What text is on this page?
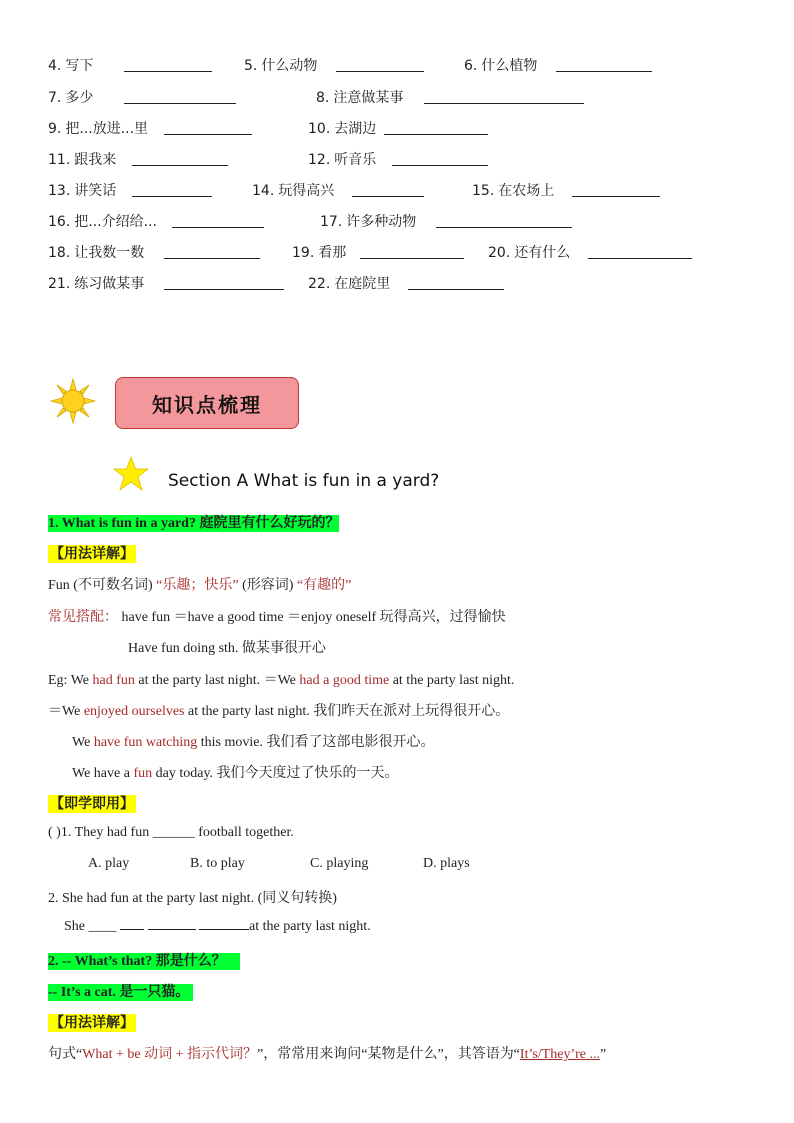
4. 写下	5. 什么动物	6. 什么植物
7. 多少	8. 注意做某事
9. 把...放进...里	10. 去湖边
11. 跟我来	12. 听音乐
13. 讲笑话	14. 玩得高兴	15. 在农场上
16. 把...介绍给...	17. 许多种动物
18. 让我数一数	19. 看那	20. 还有什么
21. 练习做某事	22. 在庭院里
知识点梳理
Section A What is fun in a yard?
1. What is fun in a yard? 庭院里有什么好玩的？
【用法详解】
Fun (不可数名词) “乐趣；快乐” (形容词) “有趣的”
常见搭配： have fun ＝have a good time ＝enjoy oneself 玩得高兴，过得愉快
Have fun doing sth. 做某事很开心
Eg: We had fun at the party last night. ＝We had a good time at the party last night.
＝We enjoyed ourselves at the party last night. 我们昨天在派对上玩得很开心。
We have fun watching this movie. 我们看了这部电影很开心。
We have a fun day today. 我们今天度过了快乐的一天。
【即学即用】
( )1. They had fun ______ football together.
A. play	B. to play	C. playing	D. plays
2. She had fun at the party last night. (同义句转换)
She ____	at the party last night.
2. -- What’s that? 那是什么？
-- It’s a cat. 是一只猫。
【用法详解】
句式“What + be 动词 + 指示代词？”，常常用来询问“某物是什么”，其答语为“It’s/They’re ...”
